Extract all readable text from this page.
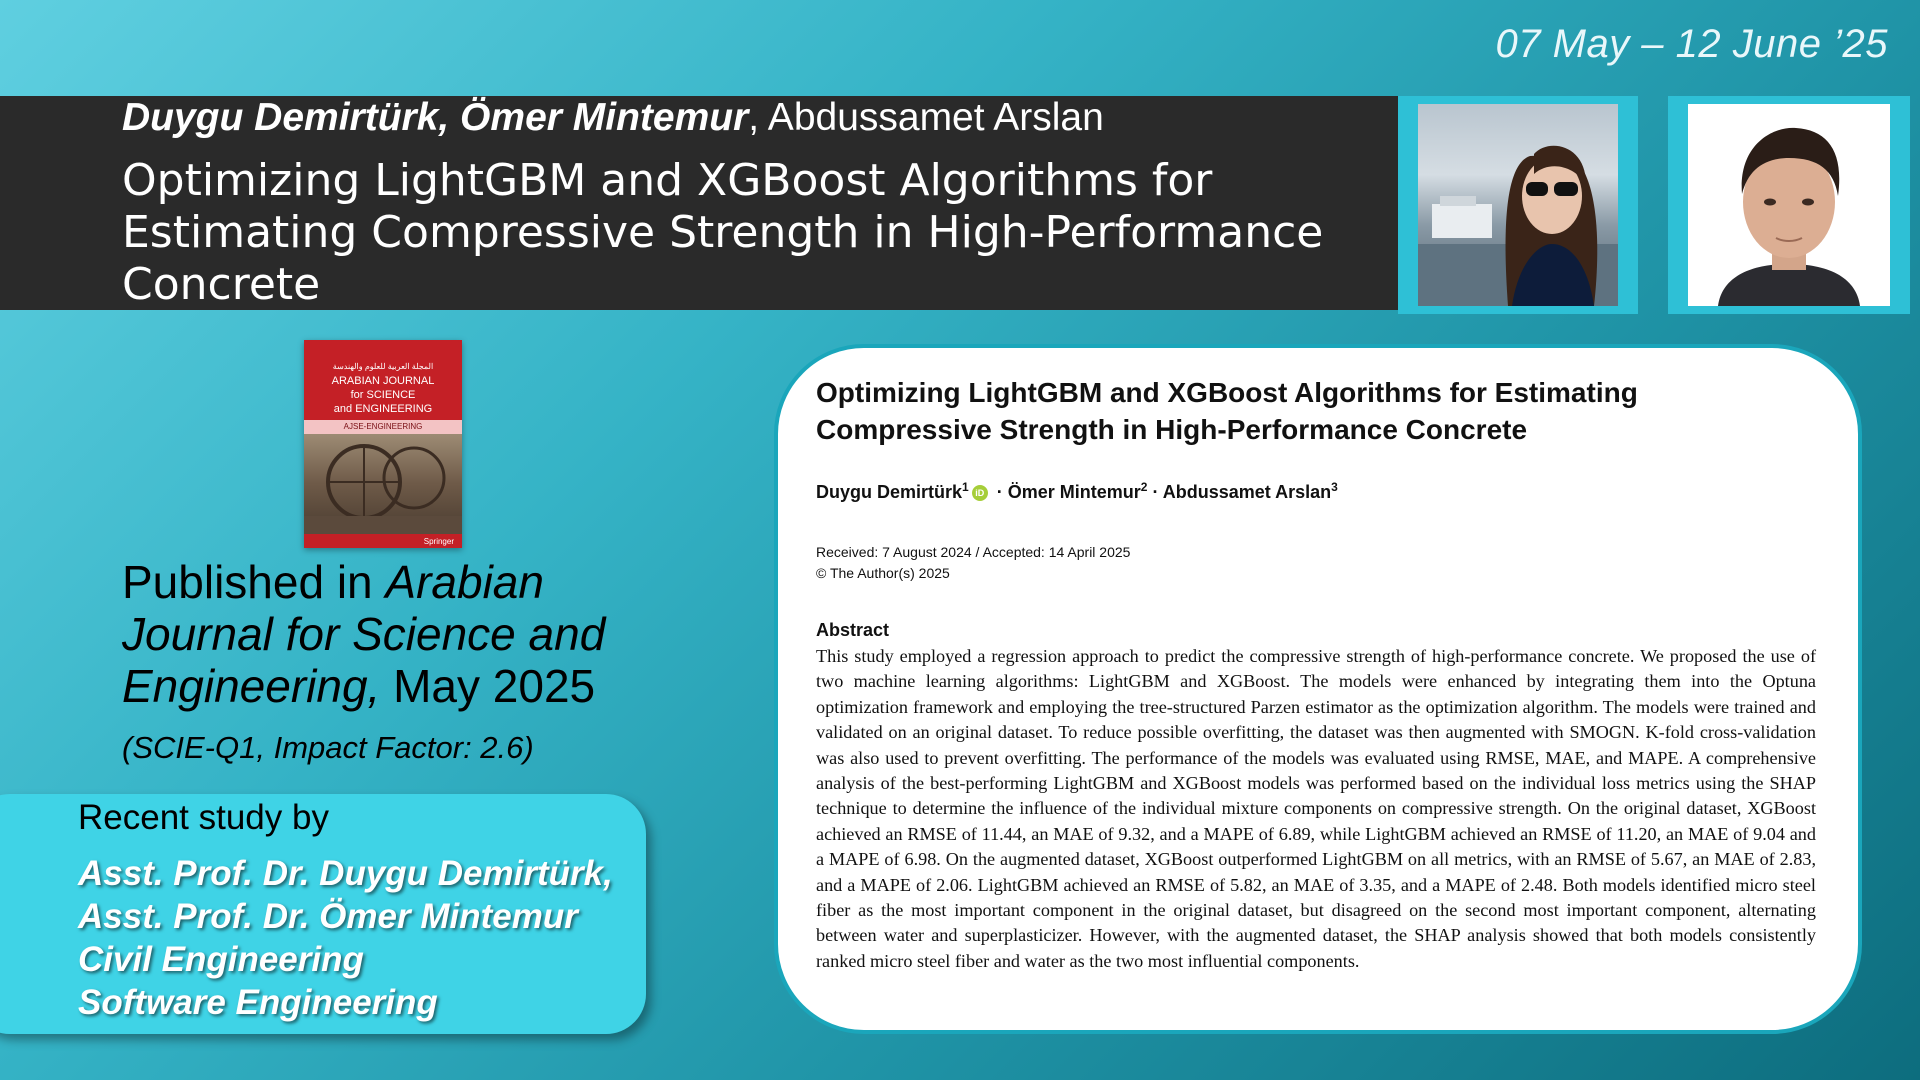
07 May – 12 June ’25
Duygu Demirtürk, Ömer Mintemur, Abdussamet Arslan
Optimizing LightGBM and XGBoost Algorithms for Estimating Compressive Strength in High-Performance Concrete
المجلة العربية للعلوم والهندسة
ARABIAN JOURNAL
for SCIENCE
and ENGINEERING
AJSE-ENGINEERING
Springer
Published in Arabian Journal for Science and Engineering, May 2025
(SCIE-Q1, Impact Factor: 2.6)
Recent study by
Asst. Prof. Dr. Duygu Demirtürk,
Asst. Prof. Dr. Ömer Mintemur
Civil Engineering
Software Engineering
Optimizing LightGBM and XGBoost Algorithms for Estimating Compressive Strength in High-Performance Concrete
Duygu Demirtürk$^1$ iD · Ömer Mintemur$^2$ · Abdussamet Arslan$^3$
Received: 7 August 2024 / Accepted: 14 April 2025
© The Author(s) 2025
Abstract
This study employed a regression approach to predict the compressive strength of high-performance concrete. We proposed the use of two machine learning algorithms: LightGBM and XGBoost. The models were enhanced by integrating them into the Optuna optimization framework and employing the tree-structured Parzen estimator as the optimization algorithm. The models were trained and validated on an original dataset. To reduce possible overfitting, the dataset was then augmented with SMOGN. K-fold cross-validation was also used to prevent overfitting. The performance of the models was evaluated using RMSE, MAE, and MAPE. A comprehensive analysis of the best-performing LightGBM and XGBoost models was performed based on the individual loss metrics using the SHAP technique to determine the influence of the individual mixture components on compressive strength. On the original dataset, XGBoost achieved an RMSE of 11.44, an MAE of 9.32, and a MAPE of 6.89, while LightGBM achieved an RMSE of 11.20, an MAE of 9.04 and a MAPE of 6.98. On the augmented dataset, XGBoost outperformed LightGBM on all metrics, with an RMSE of 5.67, an MAE of 2.83, and a MAPE of 2.06. LightGBM achieved an RMSE of 5.82, an MAE of 3.35, and a MAPE of 2.48. Both models identified micro steel fiber as the most important component in the original dataset, but disagreed on the second most important component, alternating between water and superplasticizer. However, with the augmented dataset, the SHAP analysis showed that both models consistently ranked micro steel fiber and water as the two most influential components.
